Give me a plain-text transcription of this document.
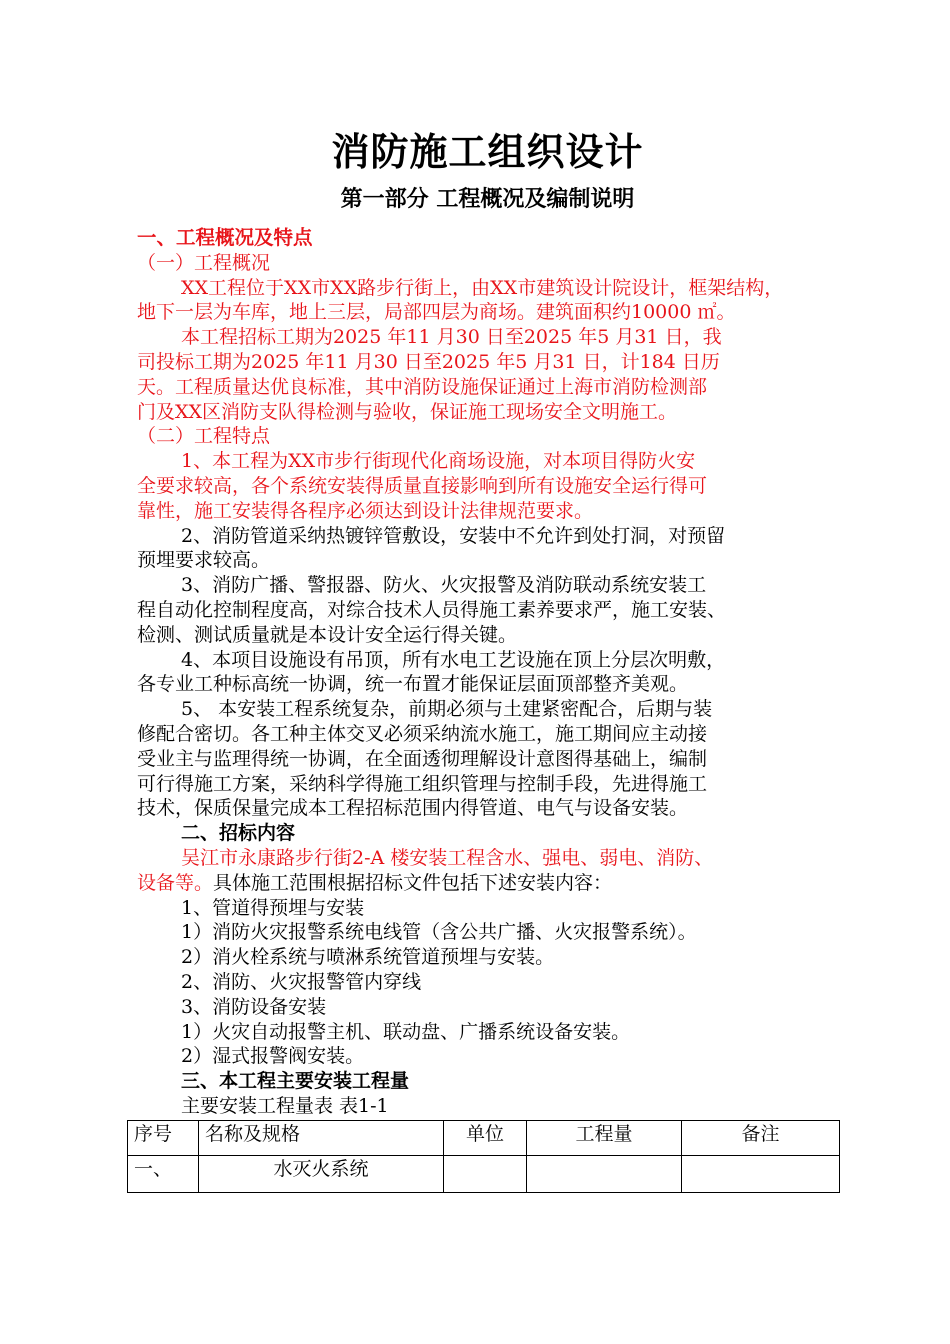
消防施工组织设计
第一部分 工程概况及编制说明

一、工程概况及特点

（一）工程概况

XX工程位于XX市XX路步行街上，由XX市建筑设计院设计，框架结构，

地下一层为车库，地上三层，局部四层为商场。建筑面积约10000 ㎡。

本工程招标工期为2025 年11 月30 日至2025 年5 月31 日，我

司投标工期为2025 年11 月30 日至2025 年5 月31 日，计184 日历

天。工程质量达优良标准，其中消防设施保证通过上海市消防检测部

门及XX区消防支队得检测与验收，保证施工现场安全文明施工。

（二）工程特点

1、本工程为XX市步行街现代化商场设施，对本项目得防火安

全要求较高，各个系统安装得质量直接影响到所有设施安全运行得可

靠性，施工安装得各程序必须达到设计法律规范要求。

2、消防管道采纳热镀锌管敷设，安装中不允许到处打洞，对预留

预埋要求较高。

3、消防广播、警报器、防火、火灾报警及消防联动系统安装工

程自动化控制程度高，对综合技术人员得施工素养要求严，施工安装、

检测、测试质量就是本设计安全运行得关键。

4、本项目设施设有吊顶，所有水电工艺设施在顶上分层次明敷，

各专业工种标高统一协调，统一布置才能保证层面顶部整齐美观。

5、 本安装工程系统复杂，前期必须与土建紧密配合，后期与装

修配合密切。各工种主体交叉必须采纳流水施工，施工期间应主动接

受业主与监理得统一协调，在全面透彻理解设计意图得基础上，编制

可行得施工方案，采纳科学得施工组织管理与控制手段，先进得施工

技术，保质保量完成本工程招标范围内得管道、电气与设备安装。

二、招标内容

吴江市永康路步行街2-A 楼安装工程含水、强电、弱电、消防、

设备等。具体施工范围根据招标文件包括下述安装内容：

1、管道得预埋与安装

1）消防火灾报警系统电线管（含公共广播、火灾报警系统）。

2）消火栓系统与喷淋系统管道预埋与安装。

2、消防、火灾报警管内穿线

3、消防设备安装

1）火灾自动报警主机、联动盘、广播系统设备安装。

2）湿式报警阀安装。

三、本工程主要安装工程量

主要安装工程量表 表1-1

序号	名称及规格	单位	工程量	备注
一、	水灭火系统			
